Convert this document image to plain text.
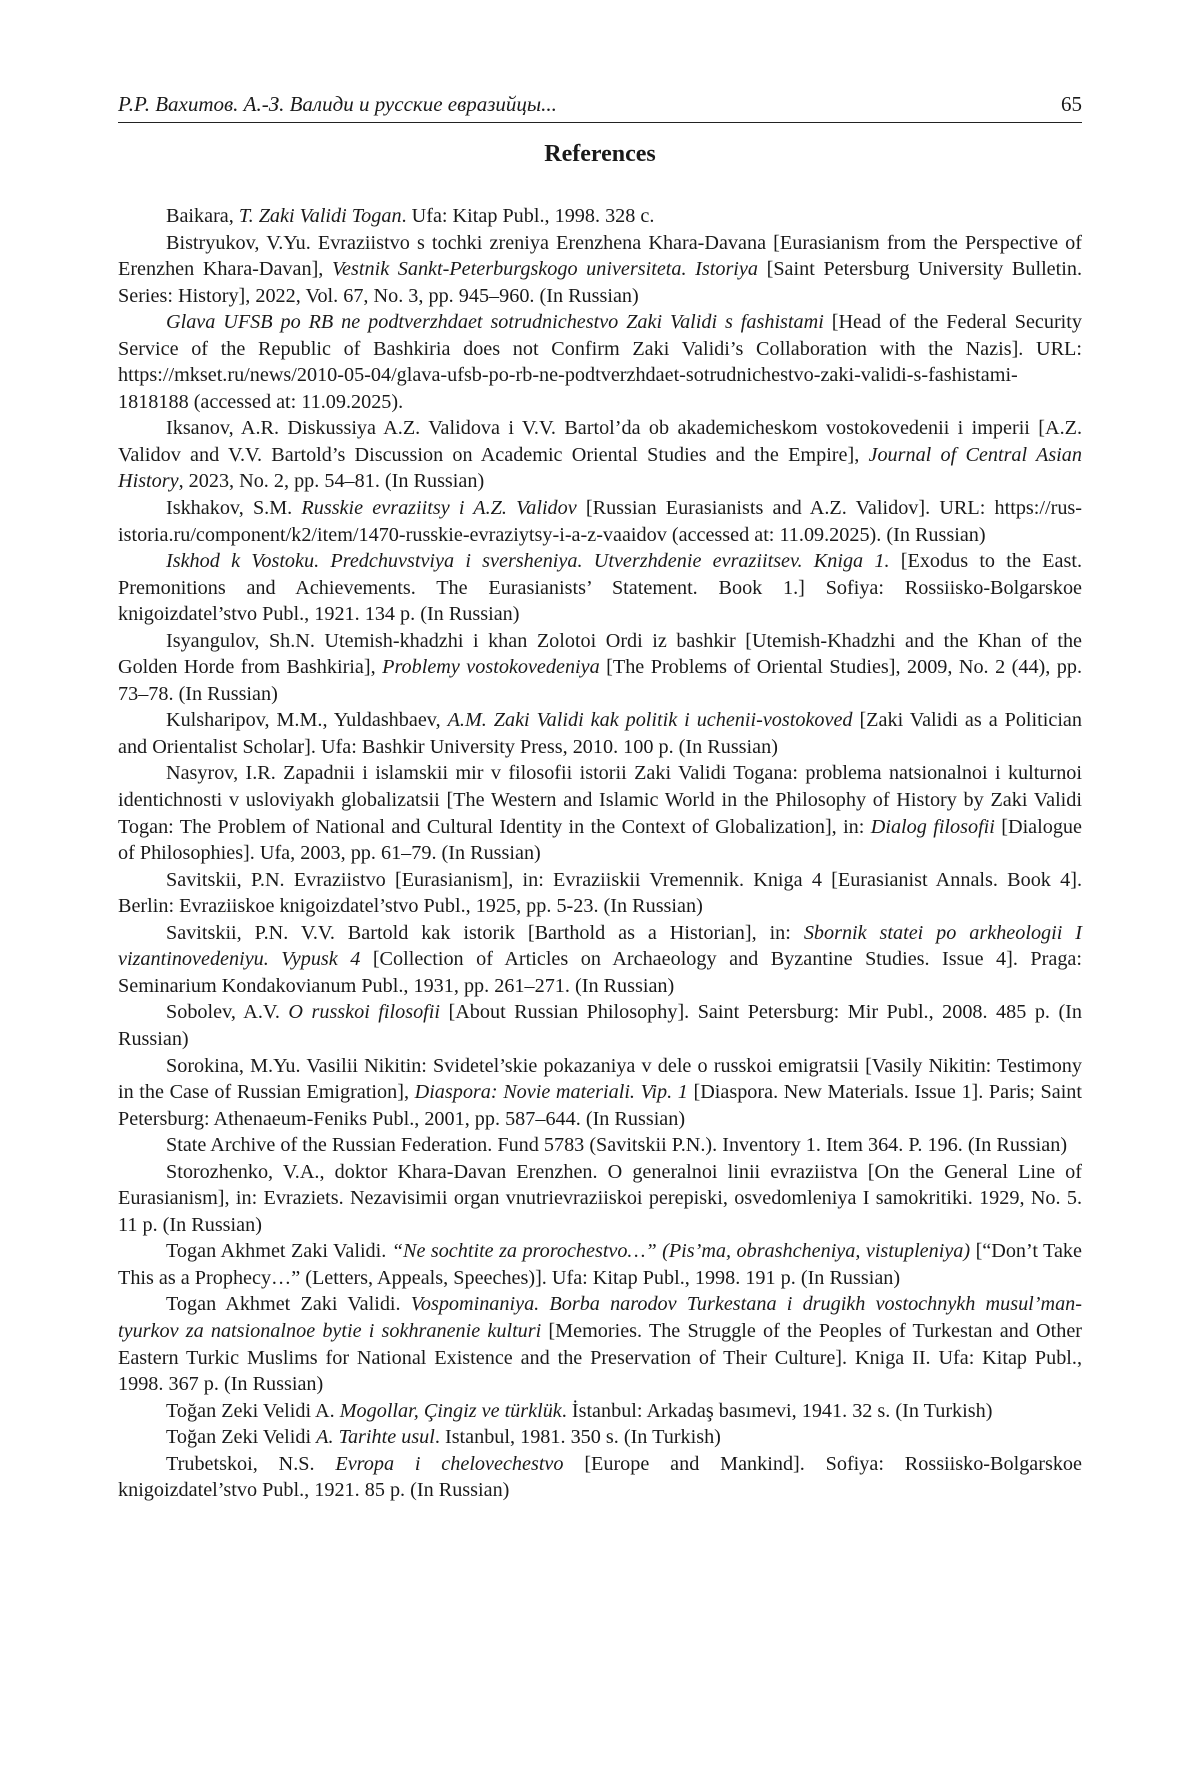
Р.Р. Вахитов. А.-З. Валиди и русские евразийцы...	65
References

Baikara, T. Zaki Validi Togan. Ufa: Kitap Publ., 1998. 328 c.

Bistryukov, V.Yu. Evraziistvo s tochki zreniya Erenzhena Khara-Davana [Eurasianism from the Perspective of Erenzhen Khara-Davan], Vestnik Sankt-Peterburgskogo universiteta. Istoriya [Saint Petersburg University Bulletin. Series: History], 2022, Vol. 67, No. 3, pp. 945–960. (In Russian)

Glava UFSB po RB ne podtverzhdaet sotrudnichestvo Zaki Validi s fashistami [Head of the Federal Security Service of the Republic of Bashkiria does not Confirm Zaki Validi’s Collaboration with the Nazis]. URL: https://mkset.ru/news/2010-05-04/glava-ufsb-po-rb-ne-podtverzhdaet-sotrudnichestvo-zaki-validi-s-fashistami-1818188 (accessed at: 11.09.2025).

Iksanov, A.R. Diskussiya A.Z. Validova i V.V. Bartol’da ob akademicheskom vostokovedenii i imperii [A.Z. Validov and V.V. Bartold’s Discussion on Academic Oriental Studies and the Empire], Journal of Central Asian History, 2023, No. 2, pp. 54–81. (In Russian)

Iskhakov, S.M. Russkie evraziitsy i A.Z. Validov [Russian Eurasianists and A.Z. Validov]. URL: https://rus-istoria.ru/component/k2/item/1470-russkie-evraziytsy-i-a-z-vaaidov (accessed at: 11.09.2025). (In Russian)

Iskhod k Vostoku. Predchuvstviya i sversheniya. Utverzhdenie evraziitsev. Kniga 1. [Exodus to the East. Premonitions and Achievements. The Eurasianists’ Statement. Book 1.] Sofiya: Rossiisko-Bolgarskoe knigoizdatel’stvo Publ., 1921. 134 p. (In Russian)

Isyangulov, Sh.N. Utemish-khadzhi i khan Zolotoi Ordi iz bashkir [Utemish-Khadzhi and the Khan of the Golden Horde from Bashkiria], Problemy vostokovedeniya [The Problems of Oriental Studies], 2009, No. 2 (44), pp. 73–78. (In Russian)

Kulsharipov, M.M., Yuldashbaev, A.M. Zaki Validi kak politik i uchenii-vostokoved [Zaki Validi as a Politician and Orientalist Scholar]. Ufa: Bashkir University Press, 2010. 100 p. (In Russian)

Nasyrov, I.R. Zapadnii i islamskii mir v filosofii istorii Zaki Validi Togana: problema natsionalnoi i kulturnoi identichnosti v usloviyakh globalizatsii [The Western and Islamic World in the Philosophy of History by Zaki Validi Togan: The Problem of National and Cultural Identity in the Context of Globalization], in: Dialog filosofii [Dialogue of Philosophies]. Ufa, 2003, pp. 61–79. (In Russian)

Savitskii, P.N. Evraziistvo [Eurasianism], in: Evraziiskii Vremennik. Kniga 4 [Eurasianist Annals. Book 4]. Berlin: Evraziiskoe knigoizdatel’stvo Publ., 1925, pp. 5-23. (In Russian)

Savitskii, P.N. V.V. Bartold kak istorik [Barthold as a Historian], in: Sbornik statei po arkheologii I vizantinovedeniyu. Vypusk 4 [Collection of Articles on Archaeology and Byzantine Studies. Issue 4]. Praga: Seminarium Kondakovianum Publ., 1931, pp. 261–271. (In Russian)

Sobolev, A.V. O russkoi filosofii [About Russian Philosophy]. Saint Petersburg: Mir Publ., 2008. 485 p. (In Russian)

Sorokina, M.Yu. Vasilii Nikitin: Svidetel’skie pokazaniya v dele o russkoi emigratsii [Vasily Nikitin: Testimony in the Case of Russian Emigration], Diaspora: Novie materiali. Vip. 1 [Diaspora. New Materials. Issue 1]. Paris; Saint Petersburg: Athenaeum-Feniks Publ., 2001, pp. 587–644. (In Russian)

State Archive of the Russian Federation. Fund 5783 (Savitskii P.N.). Inventory 1. Item 364. P. 196. (In Russian)

Storozhenko, V.A., doktor Khara-Davan Erenzhen. O generalnoi linii evraziistva [On the General Line of Eurasianism], in: Evraziets. Nezavisimii organ vnutrievraziiskoi perepiski, osvedomleniya I samokritiki. 1929, No. 5. 11 p. (In Russian)

Togan Akhmet Zaki Validi. “Ne sochtite za prorochestvo…” (Pis’ma, obrashcheniya, vistupleniya) [“Don’t Take This as a Prophecy…” (Letters, Appeals, Speeches)]. Ufa: Kitap Publ., 1998. 191 p. (In Russian)

Togan Akhmet Zaki Validi. Vospominaniya. Borba narodov Turkestana i drugikh vostochnykh musul’man-tyurkov za natsionalnoe bytie i sokhranenie kulturi [Memories. The Struggle of the Peoples of Turkestan and Other Eastern Turkic Muslims for National Existence and the Preservation of Their Culture]. Kniga II. Ufa: Kitap Publ., 1998. 367 p. (In Russian)

Toğan Zeki Velidi A. Mogollar, Çingiz ve türklük. İstanbul: Arkadaş basımevi, 1941. 32 s. (In Turkish)

Toğan Zeki Velidi A. Tarihte usul. Istanbul, 1981. 350 s. (In Turkish)

Trubetskoi, N.S. Evropa i chelovechestvo [Europe and Mankind]. Sofiya: Rossiisko-Bolgarskoe knigoizdatel’stvo Publ., 1921. 85 p. (In Russian)
